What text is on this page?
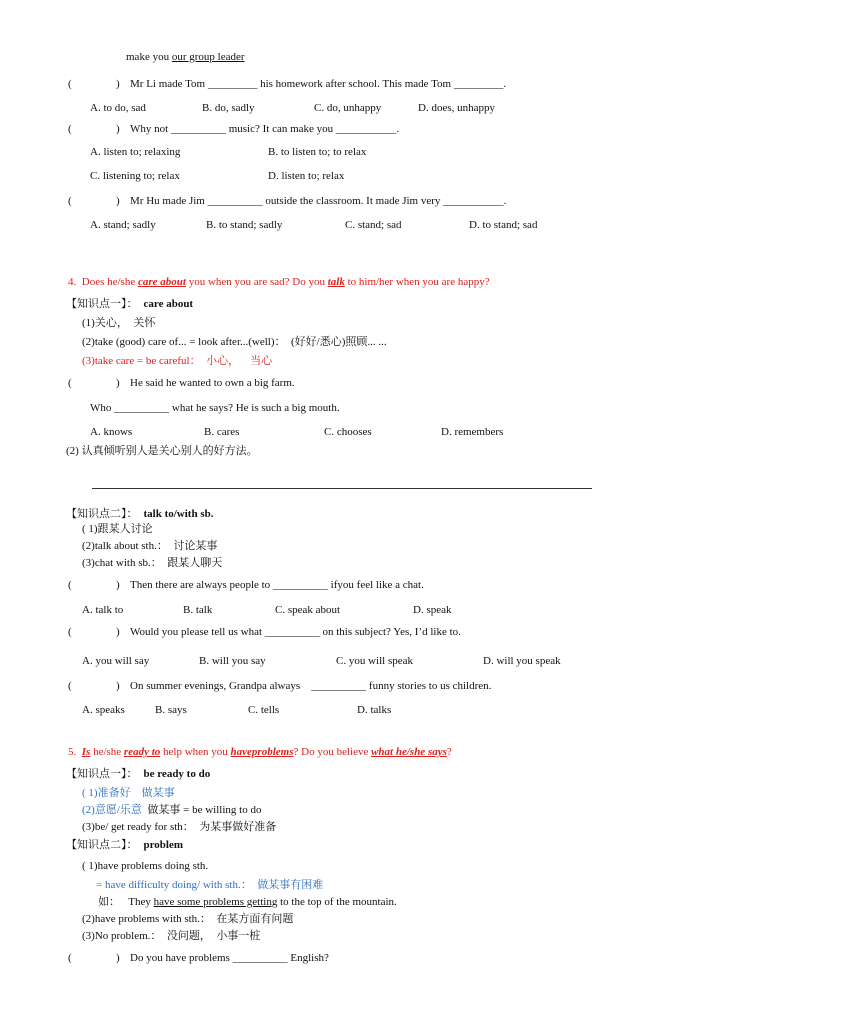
make you our group leader
(	) Mr Li made Tom _________ his homework after school. This made Tom _________.
A. to do, sad	B. do, sadly	C. do, unhappy	D. does, unhappy
(	) Why not __________ music? It can make you ___________.
A. listen to; relaxing	B. to listen to; to relax
C. listening to; relax	D. listen to; relax
(	) Mr Hu made Jim __________ outside the classroom. It made Jim very ___________.
A. stand; sadly	B. to stand; sadly	C. stand; sad	D. to stand; sad
4.  Does he/she care about you when you are sad? Do you talk to him/her when you are happy?
【知识点一】： care about
(1)关心，  关怀
(2)take (good) care of... = look after...(well)：  (好好/悉心)照顾... ...
(3)take care = be careful：  小心，    当心
(	) He said he wanted to own a big farm.
Who __________ what he says? He is such a big mouth.
A. knows	B. cares	C. chooses	D. remembers
(2) 认真倾听别人是关心别人的好方法。
【知识点二】： talk to/with sb.
( 1)跟某人讨论
(2)talk about sth.：  讨论某事
(3)chat with sb.：  跟某人聊天
(	) Then there are always people to __________ ifyou feel like a chat.
A. talk to	B. talk	C. speak about	D. speak
(	) Would you please tell us what __________ on this subject? Yes, I’d like to.
A. you will say	B. will you say	C. you will speak	D. will you speak
(	) On summer evenings, Grandpa always    __________ funny stories to us children.
A. speaks	B. says	C. tells	D. talks
5.  Is he/she ready to help when you haveproblems? Do you believe what he/she says?
【知识点一】： be ready to do
( 1)准备好    做某事
(2)意愿/乐意  做某事 = be willing to do
(3)be/ get ready for sth：  为某事做好准备
【知识点二】： problem
( 1)have problems doing sth.
= have difficulty doing/ with sth.：  做某事有困难
如：   They have some problems getting to the top of the mountain.
(2)have problems with sth.：  在某方面有问题
(3)No problem.：  没问题，  小事一桩
(	) Do you have problems __________ English?
